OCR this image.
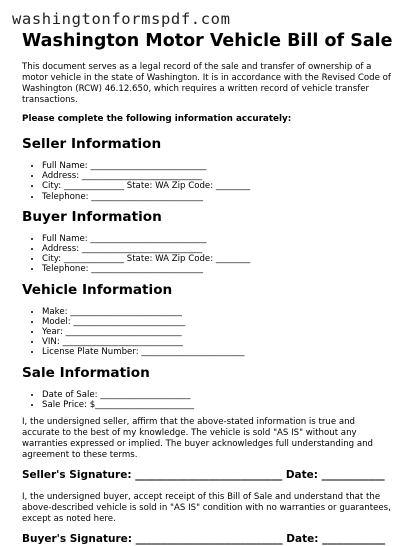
washingtonformspdf.com
Washington Motor Vehicle Bill of Sale

This document serves as a legal record of the sale and transfer of ownership of a motor vehicle in the state of Washington. It is in accordance with the Revised Code of Washington (RCW) 46.12.650, which requires a written record of vehicle transfer transactions.

Please complete the following information accurately:

Seller Information
• Full Name: ___________________________
• Address: ____________________________
• City: ______________ State: WA Zip Code: ________
• Telephone: __________________________
Buyer Information
• Full Name: ___________________________
• Address: ____________________________
• City: ______________ State: WA Zip Code: ________
• Telephone: __________________________
Vehicle Information
• Make: __________________________
• Model: __________________________
• Year: ___________________________
• VIN: ____________________________
• License Plate Number: ________________________
Sale Information
• Date of Sale: _____________________
• Sale Price: $_______________________

I, the undersigned seller, affirm that the above-stated information is true and accurate to the best of my knowledge. The vehicle is sold "AS IS" without any warranties expressed or implied. The buyer acknowledges full understanding and agreement to these terms.

Seller's Signature: ____________________________ Date: ____________

I, the undersigned buyer, accept receipt of this Bill of Sale and understand that the above-described vehicle is sold in "AS IS" condition with no warranties or guarantees, except as noted here.

Buyer's Signature: ____________________________ Date: ____________
